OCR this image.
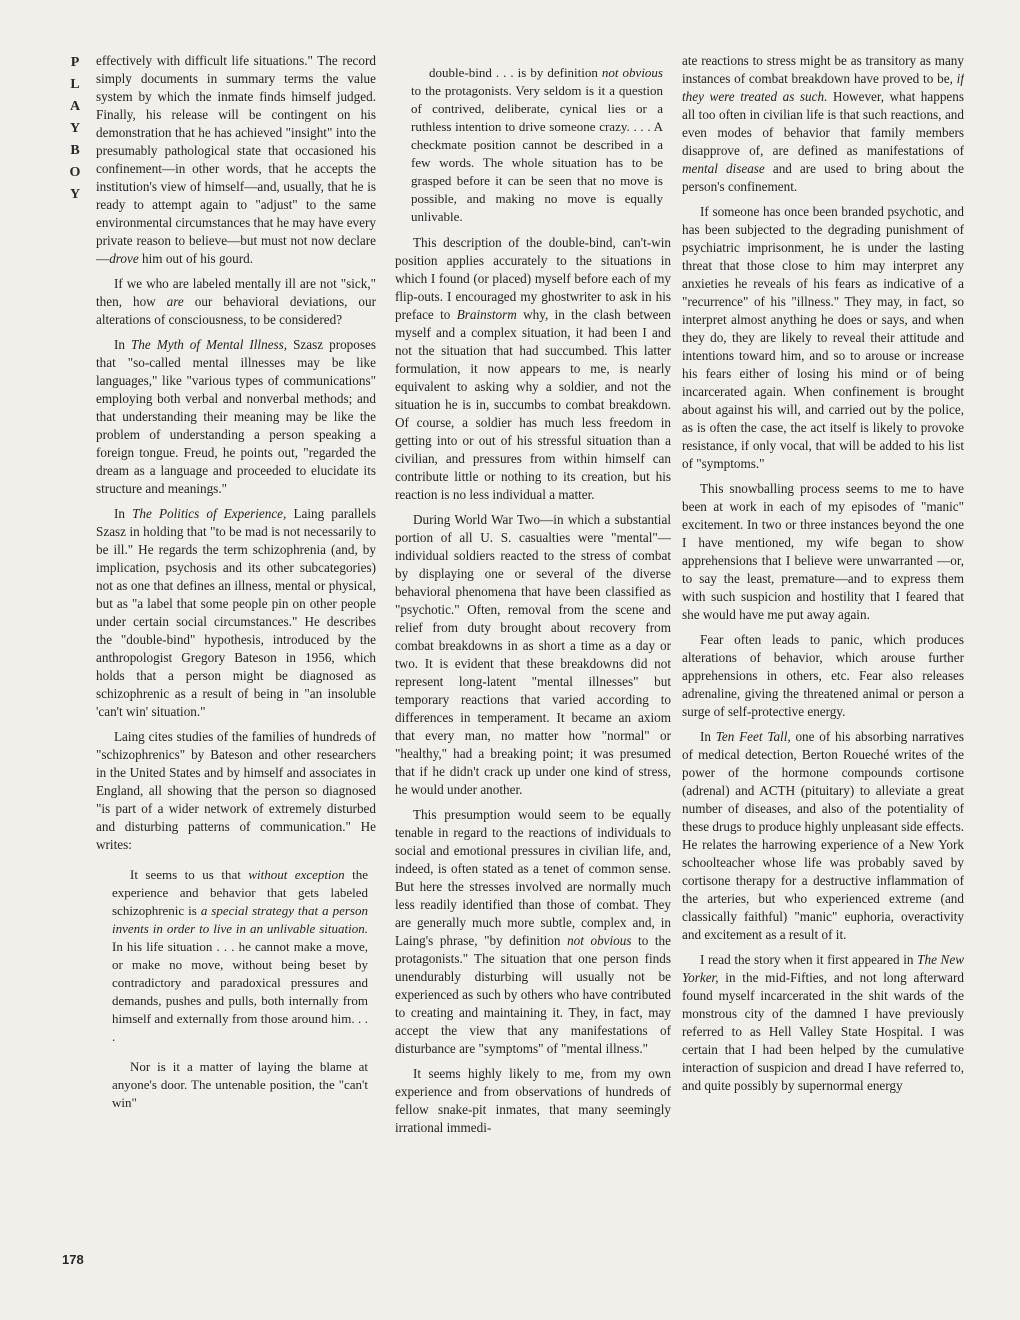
P
L
A
Y
B
O
Y
178

effectively with difficult life situations." The record simply documents in summary terms the value system by which the inmate finds himself judged. Finally, his release will be contingent on his demonstration that he has achieved "insight" into the presumably pathological state that occasioned his confinement—in other words, that he accepts the institution's view of himself—and, usually, that he is ready to attempt again to "adjust" to the same environmental circumstances that he may have every private reason to believe—but must not now declare—drove him out of his gourd.

If we who are labeled mentally ill are not "sick," then, how are our behavioral deviations, our alterations of consciousness, to be considered?

In The Myth of Mental Illness, Szasz proposes that "so-called mental illnesses may be like languages," like "various types of communications" employing both verbal and nonverbal methods; and that understanding their meaning may be like the problem of understanding a person speaking a foreign tongue. Freud, he points out, "regarded the dream as a language and proceeded to elucidate its structure and meanings."

In The Politics of Experience, Laing parallels Szasz in holding that "to be mad is not necessarily to be ill." He regards the term schizophrenia (and, by implication, psychosis and its other subcategories) not as one that defines an illness, mental or physical, but as "a label that some people pin on other people under certain social circumstances." He describes the "double-bind" hypothesis, introduced by the anthropologist Gregory Bateson in 1956, which holds that a person might be diagnosed as schizophrenic as a result of being in "an insoluble 'can't win' situation."

Laing cites studies of the families of hundreds of "schizophrenics" by Bateson and other researchers in the United States and by himself and associates in England, all showing that the person so diagnosed "is part of a wider network of extremely disturbed and disturbing patterns of communication." He writes:

It seems to us that without exception the experience and behavior that gets labeled schizophrenic is a special strategy that a person invents in order to live in an unlivable situation. In his life situation . . . he cannot make a move, or make no move, without being beset by contradictory and paradoxical pressures and demands, pushes and pulls, both internally from himself and externally from those around him. . . .

Nor is it a matter of laying the blame at anyone's door. The untenable position, the "can't win"

double-bind . . . is by definition not obvious to the protagonists. Very seldom is it a question of contrived, deliberate, cynical lies or a ruthless intention to drive someone crazy. . . . A checkmate position cannot be described in a few words. The whole situation has to be grasped before it can be seen that no move is possible, and making no move is equally unlivable.

This description of the double-bind, can't-win position applies accurately to the situations in which I found (or placed) myself before each of my flip-outs. I encouraged my ghostwriter to ask in his preface to Brainstorm why, in the clash between myself and a complex situation, it had been I and not the situation that had succumbed. This latter formulation, it now appears to me, is nearly equivalent to asking why a soldier, and not the situation he is in, succumbs to combat breakdown. Of course, a soldier has much less freedom in getting into or out of his stressful situation than a civilian, and pressures from within himself can contribute little or nothing to its creation, but his reaction is no less individual a matter.

During World War Two—in which a substantial portion of all U. S. casualties were "mental"—individual soldiers reacted to the stress of combat by displaying one or several of the diverse behavioral phenomena that have been classified as "psychotic." Often, removal from the scene and relief from duty brought about recovery from combat breakdowns in as short a time as a day or two. It is evident that these breakdowns did not represent long-latent "mental illnesses" but temporary reactions that varied according to differences in temperament. It became an axiom that every man, no matter how "normal" or "healthy," had a breaking point; it was presumed that if he didn't crack up under one kind of stress, he would under another.

This presumption would seem to be equally tenable in regard to the reactions of individuals to social and emotional pressures in civilian life, and, indeed, is often stated as a tenet of common sense. But here the stresses involved are normally much less readily identified than those of combat. They are generally much more subtle, complex and, in Laing's phrase, "by definition not obvious to the protagonists." The situation that one person finds unendurably disturbing will usually not be experienced as such by others who have contributed to creating and maintaining it. They, in fact, may accept the view that any manifestations of disturbance are "symptoms" of "mental illness."

It seems highly likely to me, from my own experience and from observations of hundreds of fellow snake-pit inmates, that many seemingly irrational immedi-

ate reactions to stress might be as transitory as many instances of combat breakdown have proved to be, if they were treated as such. However, what happens all too often in civilian life is that such reactions, and even modes of behavior that family members disapprove of, are defined as manifestations of mental disease and are used to bring about the person's confinement.

If someone has once been branded psychotic, and has been subjected to the degrading punishment of psychiatric imprisonment, he is under the lasting threat that those close to him may interpret any anxieties he reveals of his fears as indicative of a "recurrence" of his "illness." They may, in fact, so interpret almost anything he does or says, and when they do, they are likely to reveal their attitude and intentions toward him, and so to arouse or increase his fears either of losing his mind or of being incarcerated again. When confinement is brought about against his will, and carried out by the police, as is often the case, the act itself is likely to provoke resistance, if only vocal, that will be added to his list of "symptoms."

This snowballing process seems to me to have been at work in each of my episodes of "manic" excitement. In two or three instances beyond the one I have mentioned, my wife began to show apprehensions that I believe were unwarranted —or, to say the least, premature—and to express them with such suspicion and hostility that I feared that she would have me put away again.

Fear often leads to panic, which produces alterations of behavior, which arouse further apprehensions in others, etc. Fear also releases adrenaline, giving the threatened animal or person a surge of self-protective energy.

In Ten Feet Tall, one of his absorbing narratives of medical detection, Berton Roueché writes of the power of the hormone compounds cortisone (adrenal) and ACTH (pituitary) to alleviate a great number of diseases, and also of the potentiality of these drugs to produce highly unpleasant side effects. He relates the harrowing experience of a New York schoolteacher whose life was probably saved by cortisone therapy for a destructive inflammation of the arteries, but who experienced extreme (and classically faithful) "manic" euphoria, overactivity and excitement as a result of it.

I read the story when it first appeared in The New Yorker, in the mid-Fifties, and not long afterward found myself incarcerated in the shit wards of the monstrous city of the damned I have previously referred to as Hell Valley State Hospital. I was certain that I had been helped by the cumulative interaction of suspicion and dread I have referred to, and quite possibly by supernormal energy
